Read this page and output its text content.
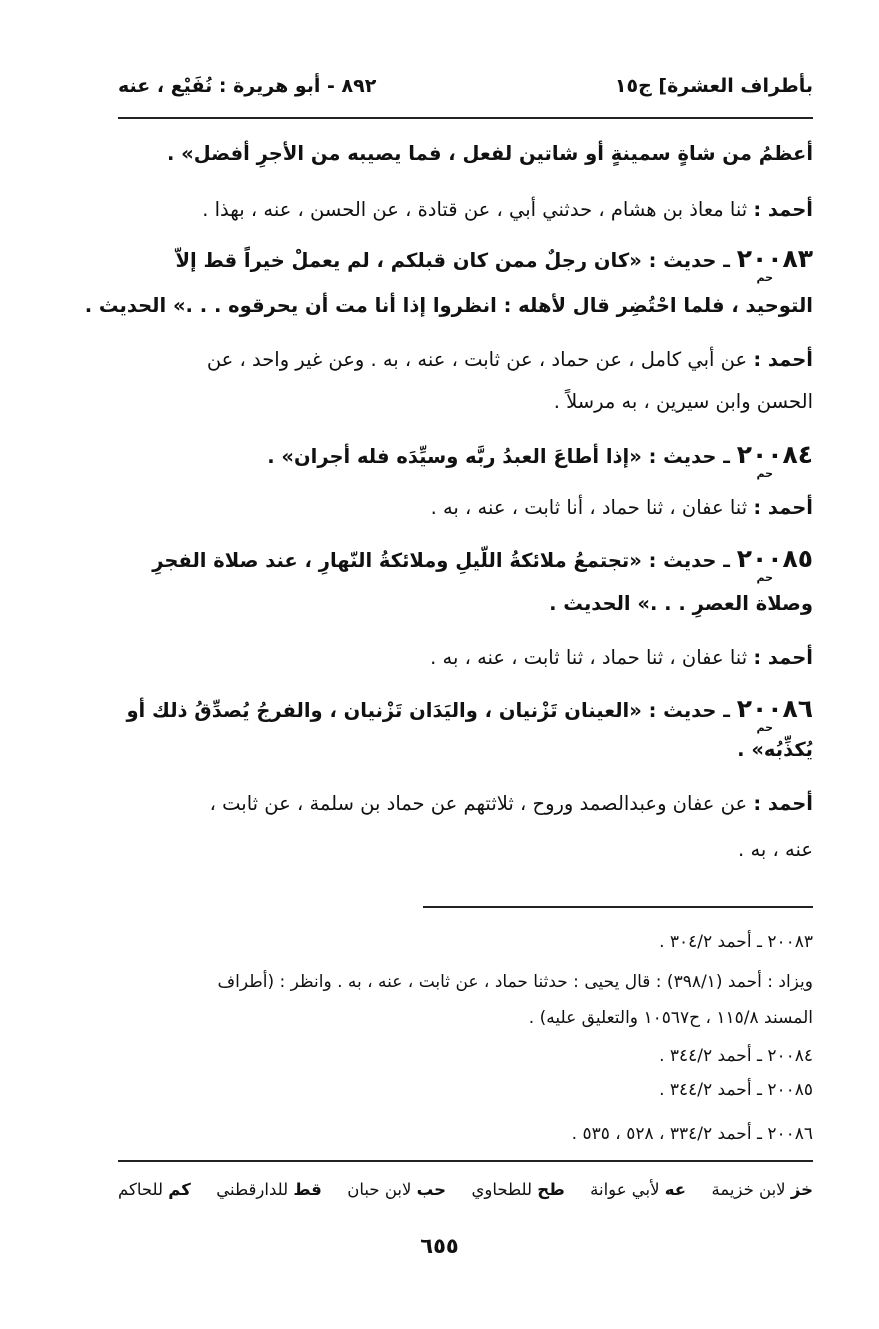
بأطراف العشرة] ج١٥
٨٩٢ - أبو هريرة : نُفَيْع ، عنه
أعظمُ من شاةٍ سمينةٍ أو شاتين لفعل ، فما يصيبه من الأجرِ أفضل» .
أحمد : ثنا معاذ بن هشام ، حدثني أبي ، عن قتادة ، عن الحسن ، عنه ، بهذا .
٢٠٠٨٣ ـ حديث : «كان رجلٌ ممن كان قبلكم ، لم يعملْ خيراً قط إلاّ
حم
التوحيد ، فلما احْتُضِر قال لأهله : انظروا إذا أنا مت أن يحرقوه . . .» الحديث .
أحمد : عن أبي كامل ، عن حماد ، عن ثابت ، عنه ، به . وعن غير واحد ، عن
الحسن وابن سيرين ، به مرسلاً .
٢٠٠٨٤ ـ حديث : «إذا أطاعَ العبدُ ربَّه وسيِّدَه فله أجران» .
حم
أحمد : ثنا عفان ، ثنا حماد ، أنا ثابت ، عنه ، به .
٢٠٠٨٥ ـ حديث : «تجتمعُ ملائكةُ اللّيلِ وملائكةُ النّهارِ ، عند صلاة الفجرِ
حم
وصلاة العصرِ . . .» الحديث .
أحمد : ثنا عفان ، ثنا حماد ، ثنا ثابت ، عنه ، به .
٢٠٠٨٦ ـ حديث : «العينان تَزْنيان ، واليَدَان تَزْنيان ، والفرجُ يُصدِّقُ ذلك أو
حم
يُكذِّبُه» .
أحمد : عن عفان وعبدالصمد وروح ، ثلاثتهم عن حماد بن سلمة ، عن ثابت ،
عنه ، به .
٢٠٠٨٣ ـ أحمد ٣٠٤/٢ .
ويزاد : أحمد (٣٩٨/١) : قال يحيى : حدثنا حماد ، عن ثابت ، عنه ، به . وانظر : (أطراف
المسند ١١٥/٨ ، ح١٠٥٦٧ والتعليق عليه) .
٢٠٠٨٤ ـ أحمد ٣٤٤/٢ .
٢٠٠٨٥ ـ أحمد ٣٤٤/٢ .
٢٠٠٨٦ ـ أحمد ٣٣٤/٢ ، ٥٢٨ ، ٥٣٥ .
خز لابن خزيمة
عه لأبي عوانة
طح للطحاوي
حب لابن حبان
قط للدارقطني
كم للحاكم
٦٥٥
